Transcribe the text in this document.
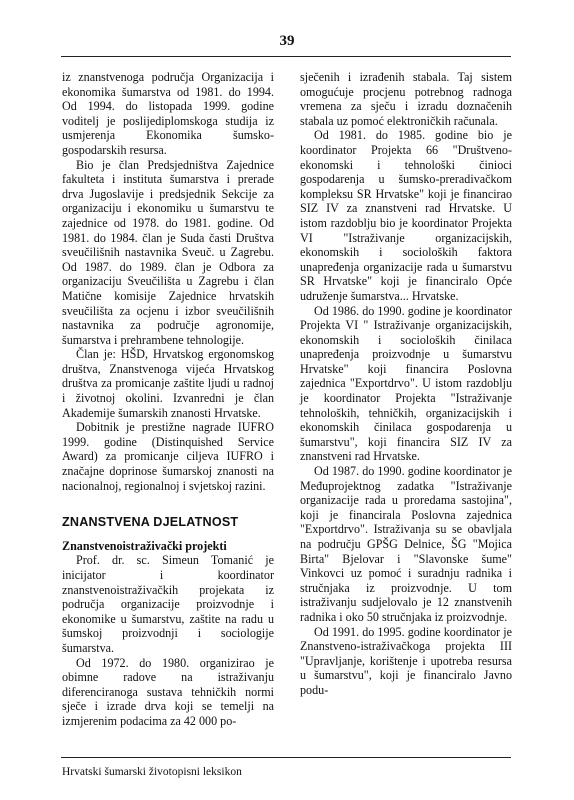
39

iz znanstvenoga područja Organizacija i ekonomika šumarstva od 1981. do 1994. Od 1994. do listopada 1999. godine voditelj je poslijediplomskoga studija iz usmjerenja Ekonomika šumsko-gospodarskih resursa.

Bio je član Predsjedništva Zajednice fakulteta i instituta šumarstva i prerade drva Jugoslavije i predsjednik Sekcije za organizaciju i ekonomiku u šumarstvu te zajednice od 1978. do 1981. godine. Od 1981. do 1984. član je Suda časti Društva sveučilišnih nastavnika Sveuč. u Zagrebu. Od 1987. do 1989. član je Odbora za organizaciju Sveučilišta u Zagrebu i član Matične komisije Zajednice hrvatskih sveučilišta za ocjenu i izbor sveučilišnih nastavnika za područje agronomije, šumarstva i prehrambene tehnologije.

Član je: HŠD, Hrvatskog ergonomskog društva, Znanstvenoga vijeća Hrvatskog društva za promicanje zaštite ljudi u radnoj i životnoj okolini. Izvanredni je član Akademije šumarskih znanosti Hrvatske.

Dobitnik je prestižne nagrade IUFRO 1999. godine (Distinquished Service Award) za promicanje ciljeva IUFRO i značajne doprinose šumarskoj znanosti na nacionalnoj, regionalnoj i svjetskoj razini.

ZNANSTVENA DJELATNOST

Znanstvenoistraživački projekti

Prof. dr. sc. Simeun Tomanić je inicijator i koordinator znanstvenoistraživačkih projekata iz područja organizacije proizvodnje i ekonomike u šumarstvu, zaštite na radu u šumskoj proizvodnji i sociologije šumarstva.

Od 1972. do 1980. organizirao je obimne radove na istraživanju diferenciranoga sustava tehničkih normi sječe i izrade drva koji se temelji na izmjerenim podacima za 42 000 po-

sječenih i izrađenih stabala. Taj sistem omogućuje procjenu potrebnog radnoga vremena za sječu i izradu doznačenih stabala uz pomoć elektroničkih računala.

Od 1981. do 1985. godine bio je koordinator Projekta 66 "Društveno-ekonomski i tehnološki činioci gospodarenja u šumsko-preradivačkom kompleksu SR Hrvatske" koji je financirao SIZ IV za znanstveni rad Hrvatske. U istom razdoblju bio je koordinator Projekta VI "Istraživanje organizacijskih, ekonomskih i socioloških faktora unapređenja organizacije rada u šumarstvu SR Hrvatske" koji je financiralo Opće udruženje šumarstva... Hrvatske.

Od 1986. do 1990. godine je koordinator Projekta VI " Istraživanje organizacijskih, ekonomskih i socioloških činilaca unapređenja proizvodnje u šumarstvu Hrvatske" koji financira Poslovna zajednica "Exportdrvo". U istom razdoblju je koordinator Projekta "Istraživanje tehnoloških, tehničkih, organizacijskih i ekonomskih činilaca gospodarenja u šumarstvu", koji financira SIZ IV za znanstveni rad Hrvatske.

Od 1987. do 1990. godine koordinator je Međuprojektnog zadatka "Istraživanje organizacije rada u proredama sastojina", koji je financirala Poslovna zajednica "Exportdrvo". Istraživanja su se obavljala na području GPŠG Delnice, ŠG "Mojica Birta" Bjelovar i "Slavonske šume" Vinkovci uz pomoć i suradnju radnika i stručnjaka iz proizvodnje. U tom istraživanju sudjelovalo je 12 znanstvenih radnika i oko 50 stručnjaka iz proizvodnje.

Od 1991. do 1995. godine koordinator je Znanstveno-istraživačkoga projekta III "Upravljanje, korištenje i upotreba resursa u šumarstvu", koji je financiralo Javno podu-

Hrvatski šumarski životopisni leksikon
